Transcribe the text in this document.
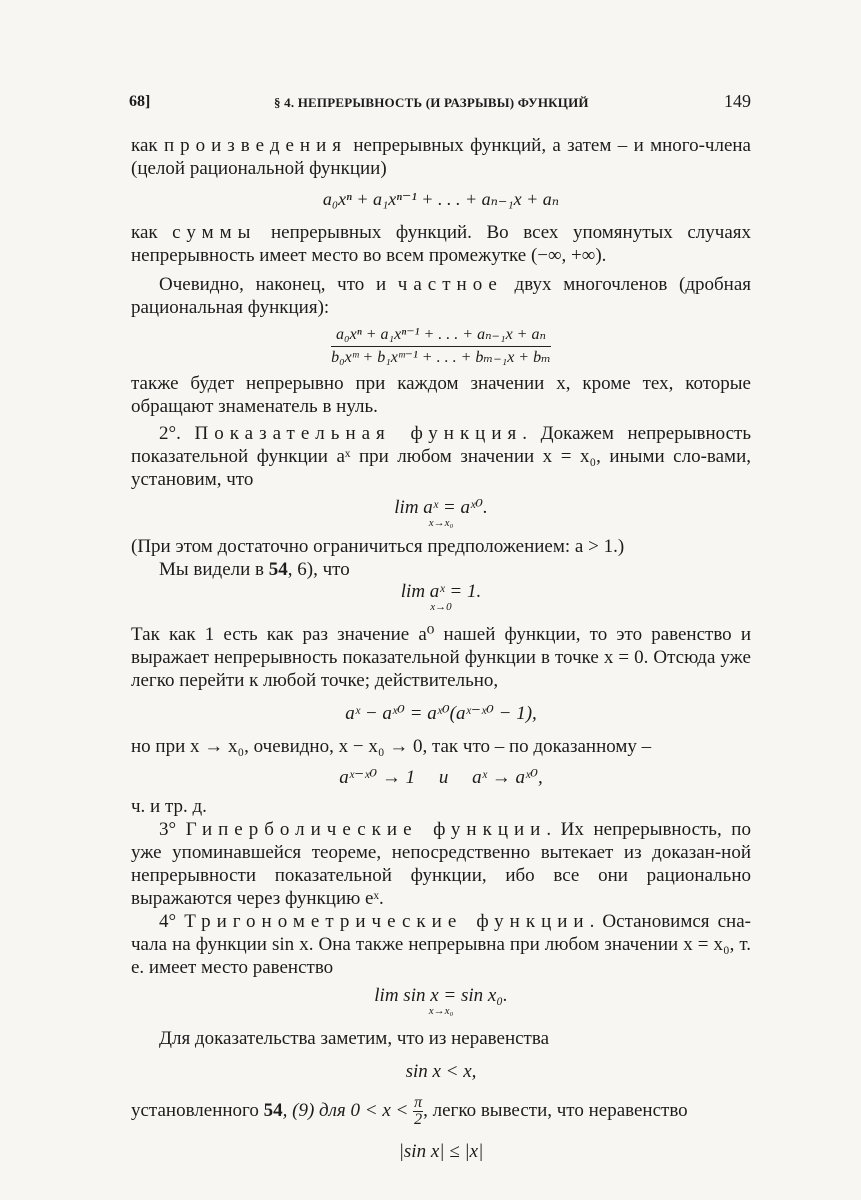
68]	§ 4. НЕПРЕРЫВНОСТЬ (И РАЗРЫВЫ) ФУНКЦИЙ	149

как произведения непрерывных функций, а затем – и много-члена (целой рациональной функции)

a₀xⁿ + a₁xⁿ⁻¹ + . . . + aₙ₋₁x + aₙ

как суммы непрерывных функций. Во всех упомянутых случаях непрерывность имеет место во всем промежутке (−∞, +∞).

Очевидно, наконец, что и частное двух многочленов (дробная рациональная функция):

$\frac{\text{a₀xⁿ + a₁xⁿ⁻¹ + . . . + aₙ₋₁x + aₙ}}{\text{b₀xᵐ + b₁xᵐ⁻¹ + . . . + bₘ₋₁x + bₘ}}$

также будет непрерывно при каждом значении x, кроме тех, которые обращают знаменатель в нуль.

2°. Показательная функция. Докажем непрерывность показательной функции aˣ при любом значении x = x₀, иными сло-вами, установим, что

lim aˣ = aˣ⁰.
x→x₀

(При этом достаточно ограничиться предположением: a > 1.)

Мы видели в 54, 6), что

lim aˣ = 1.
x→0

Так как 1 есть как раз значение a⁰ нашей функции, то это равенство и выражает непрерывность показательной функции в точке x = 0. Отсюда уже легко перейти к любой точке; действительно,

aˣ − aˣ⁰ = aˣ⁰(aˣ⁻ˣ⁰ − 1),

но при x → x₀, очевидно, x − x₀ → 0, так что – по доказанному –

aˣ⁻ˣ⁰ → 1     и     aˣ → aˣ⁰,

ч. и тр. д.

3° Гиперболические функции. Их непрерывность, по уже упоминавшейся теореме, непосредственно вытекает из доказан-ной непрерывности показательной функции, ибо все они рационально выражаются через функцию eˣ.

4° Тригонометрические функции. Остановимся сна-чала на функции sin x. Она также непрерывна при любом значении x = x₀, т. е. имеет место равенство

lim sin x = sin x₀.
x→x₀

Для доказательства заметим, что из неравенства

sin x < x,

установленного 54, (9) для $0 < x < \frac{\pi}{2}$ , легко вывести, что неравенство

|sin x| ≤ |x|
